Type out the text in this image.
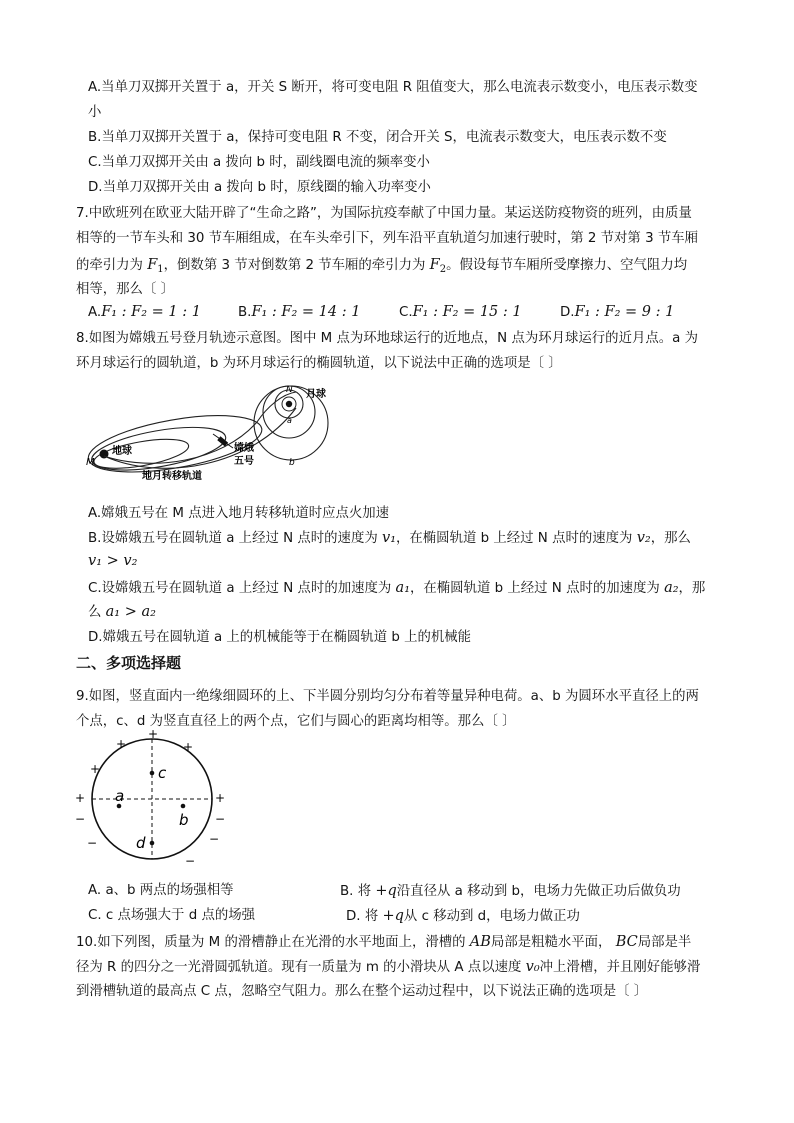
A.当单刀双掷开关置于 a，开关 S 断开，将可变电阻 R 阻值变大，那么电流表示数变小，电压表示数变
小
B.当单刀双掷开关置于 a，保持可变电阻 R 不变，闭合开关 S，电流表示数变大，电压表示数不变
C.当单刀双掷开关由 a 拨向 b 时，副线圈电流的频率变小
D.当单刀双掷开关由 a 拨向 b 时，原线圈的输入功率变小
7.中欧班列在欧亚大陆开辟了“生命之路”，为国际抗疫奉献了中国力量。某运送防疫物资的班列，由质量
相等的一节车头和 30 节车厢组成，在车头牵引下，列车沿平直轨道匀加速行驶时，第 2 节对第 3 节车厢
的牵引力为 $F_1$，倒数第 3 节对倒数第 2 节车厢的牵引力为 $F_2$。假设每节车厢所受摩擦力、空气阻力均
相等，那么〔 〕
A.F₁ : F₂ = 1 : 1	B.F₁ : F₂ = 14 : 1	C.F₁ : F₂ = 15 : 1	D.F₁ : F₂ = 9 : 1
8.如图为嫦娥五号登月轨迹示意图。图中 M 点为环地球运行的近地点，N 点为环月球运行的近月点。a 为
环月球运行的圆轨道，b 为环月球运行的椭圆轨道，以下说法中正确的选项是〔 〕
地球
M
地月转移轨道
嫦娥
五号
N 月球
a
b
A.嫦娥五号在 M 点进入地月转移轨道时应点火加速
B.设嫦娥五号在圆轨道 a 上经过 N 点时的速度为 v₁，在椭圆轨道 b 上经过 N 点时的速度为 v₂，那么
v₁ > v₂
C.设嫦娥五号在圆轨道 a 上经过 N 点时的加速度为 a₁，在椭圆轨道 b 上经过 N 点时的加速度为 a₂，那
么 a₁ > a₂
D.嫦娥五号在圆轨道 a 上的机械能等于在椭圆轨道 b 上的机械能
二、多项选择题
9.如图，竖直面内一绝缘细圆环的上、下半圆分别均匀分布着等量异种电荷。a、b 为圆环水平直径上的两
个点，c、d 为竖直直径上的两个点，它们与圆心的距离均相等。那么〔 〕
+
+	+
+
+	+
−	−
−	−
−
c
a
b
d
A. a、b 两点的场强相等	B. 将 +q沿直径从 a 移动到 b，电场力先做正功后做负功
C. c 点场强大于 d 点的场强	D. 将 +q从 c 移动到 d，电场力做正功
10.如下列图，质量为 M 的滑槽静止在光滑的水平地面上，滑槽的 AB局部是粗糙水平面， BC局部是半
径为 R 的四分之一光滑圆弧轨道。现有一质量为 m 的小滑块从 A 点以速度 v₀冲上滑槽，并且刚好能够滑
到滑槽轨道的最高点 C 点，忽略空气阻力。那么在整个运动过程中，以下说法正确的选项是〔 〕
